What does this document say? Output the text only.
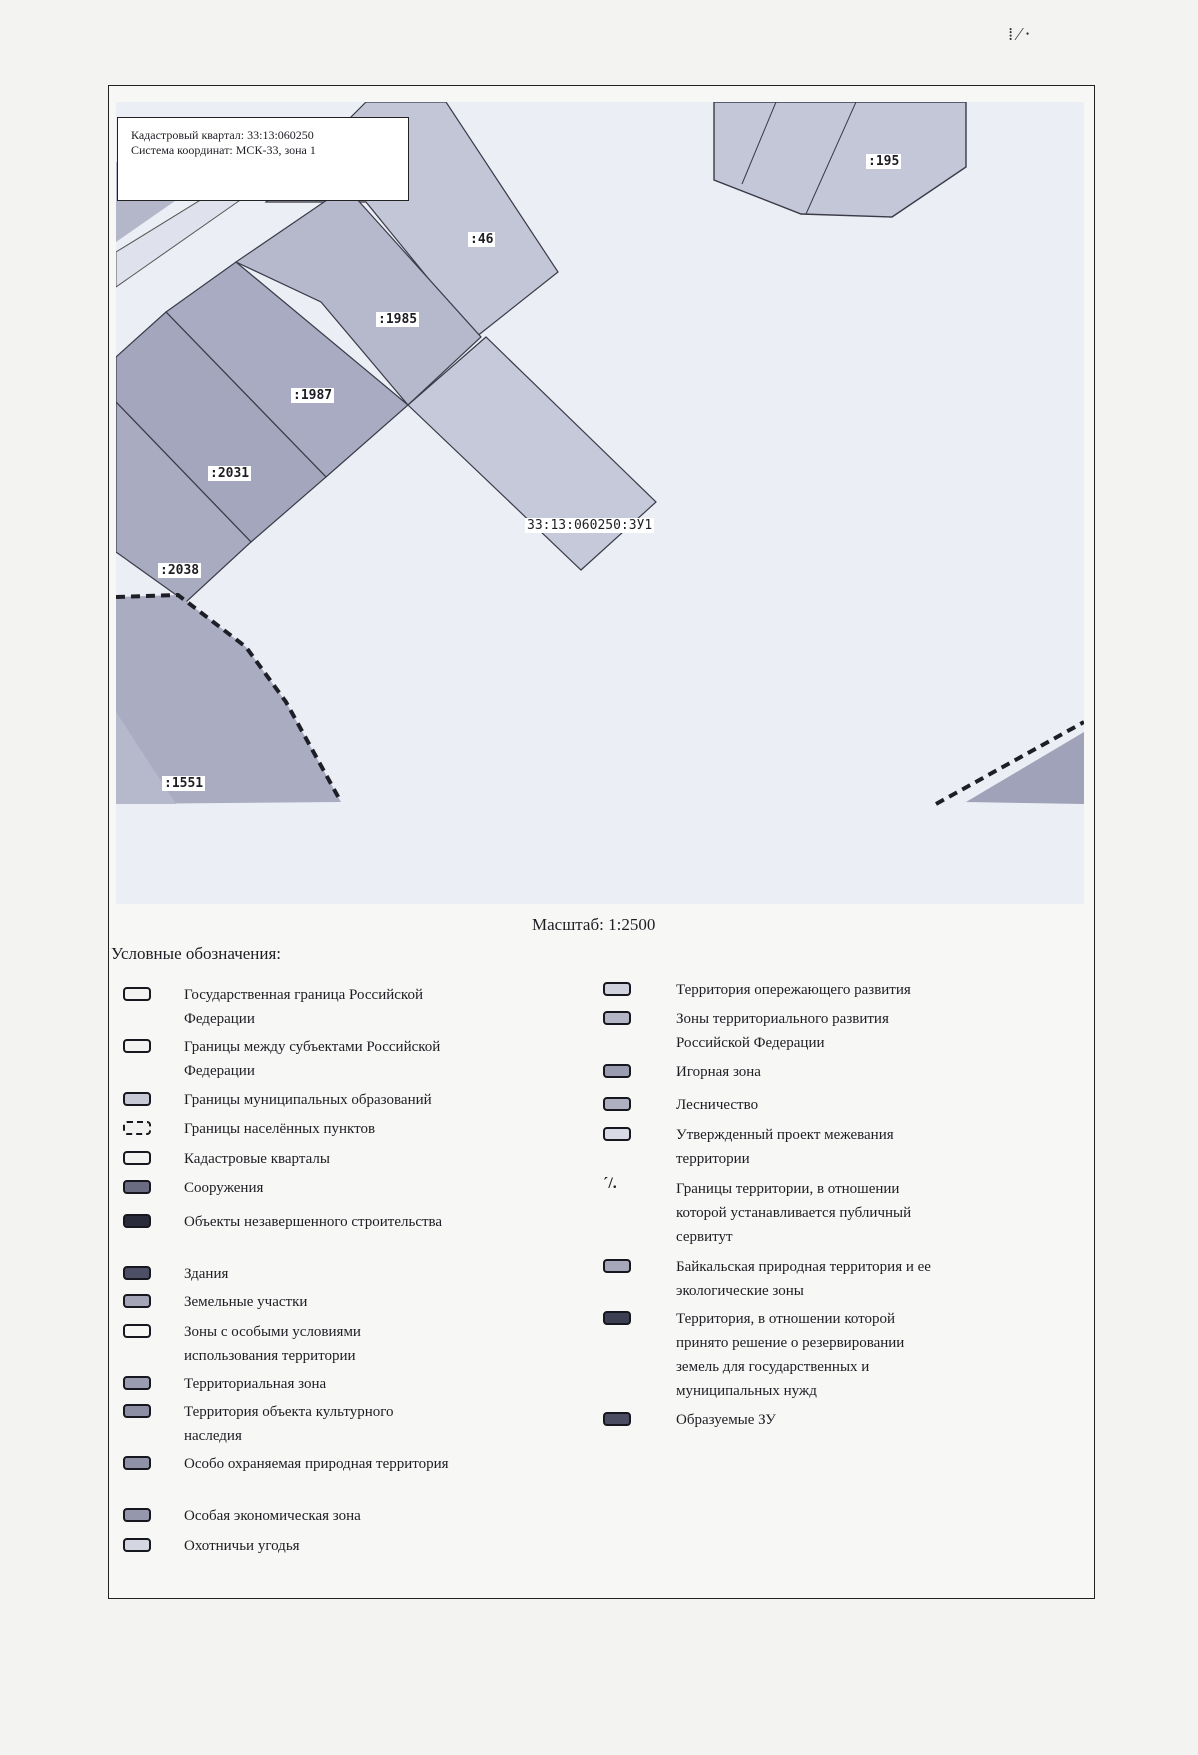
⁞ ⁄ ⸱
:46
:1985
:1987
:2031
:2038
:1551
:195
33:13:060250:ЗУ1
Кадастровый квартал: 33:13:060250
Система координат: МСК-33, зона 1
Масштаб: 1:2500
Условные обозначения:
Государственная граница Российской Федерации
Границы между субъектами Российской Федерации
Границы муниципальных образований
Границы населённых пунктов
Кадастровые кварталы
Сооружения
Объекты незавершенного строительства
Здания
Земельные участки
Зоны с особыми условиями использования территории
Территориальная зона
Территория объекта культурного наследия
Особо охраняемая природная территория
Особая экономическая зона
Охотничьи угодья
Территория опережающего развития
Зоны территориального развития Российской Федерации
Игорная зона
Лесничество
Утвержденный проект межевания территории
ˊ/.	Границы территории, в отношении которой устанавливается публичный сервитут
Байкальская природная территория и ее экологические зоны
Территория, в отношении которой принято решение о резервировании земель для государственных и муниципальных нужд
Образуемые ЗУ
